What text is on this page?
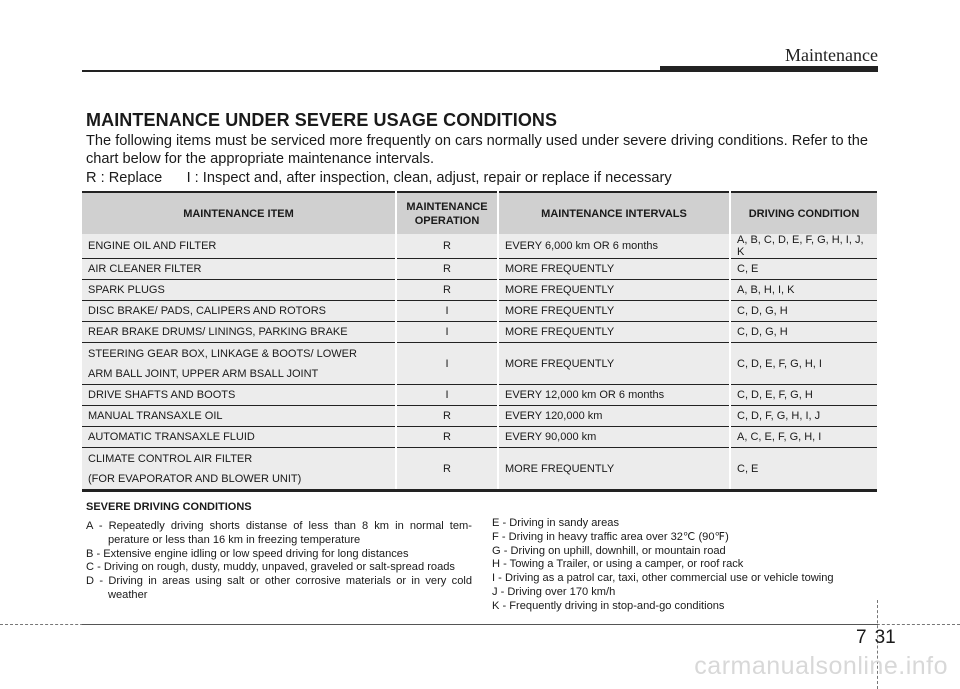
Maintenance
MAINTENANCE UNDER SEVERE USAGE CONDITIONS

The following items must be serviced more frequently on cars normally used under severe driving conditions. Refer to the chart below for the appropriate maintenance intervals.

R : Replace      I : Inspect and, after inspection, clean, adjust, repair or replace if necessary

MAINTENANCE ITEM	MAINTENANCE OPERATION	MAINTENANCE INTERVALS	DRIVING CONDITION
ENGINE OIL AND FILTER	R	EVERY 6,000 km OR 6 months	A, B, C, D, E, F, G, H, I, J, K
AIR CLEANER FILTER	R	MORE FREQUENTLY	C, E
SPARK PLUGS	R	MORE FREQUENTLY	A, B, H, I, K
DISC BRAKE/ PADS, CALIPERS AND ROTORS	I	MORE FREQUENTLY	C, D, G, H
REAR BRAKE DRUMS/ LININGS, PARKING BRAKE	I	MORE FREQUENTLY	C, D, G, H

STEERING GEAR BOX, LINKAGE & BOOTS/ LOWER
ARM BALL JOINT, UPPER ARM BSALL JOINT	I	MORE FREQUENTLY	C, D, E, F, G, H, I
DRIVE SHAFTS AND BOOTS	I	EVERY 12,000 km OR 6 months	C, D, E, F, G, H
MANUAL TRANSAXLE OIL	R	EVERY 120,000 km	C, D, F, G, H, I, J
AUTOMATIC TRANSAXLE FLUID	R	EVERY 90,000 km	A, C, E, F, G, H, I

CLIMATE CONTROL AIR FILTER
(FOR EVAPORATOR AND BLOWER UNIT)	R	MORE FREQUENTLY	C, E
SEVERE DRIVING CONDITIONS

A - Repeatedly driving shorts distanse of less than 8 km in normal tem- perature or less than 16 km in freezing temperature

B - Extensive engine idling or low speed driving for long distances

C - Driving on rough, dusty, muddy, unpaved, graveled or salt-spread roads

D - Driving in areas using salt or other corrosive materials or in very cold weather

E - Driving in sandy areas

F - Driving in heavy traffic area over 32℃ (90℉)

G - Driving on uphill, downhill, or mountain road

H - Towing a Trailer, or using a camper, or roof rack

I - Driving as a patrol car, taxi, other commercial use or vehicle towing

J - Driving over 170 km/h

K - Frequently driving in stop-and-go conditions

7 31
carmanualsonline.info
